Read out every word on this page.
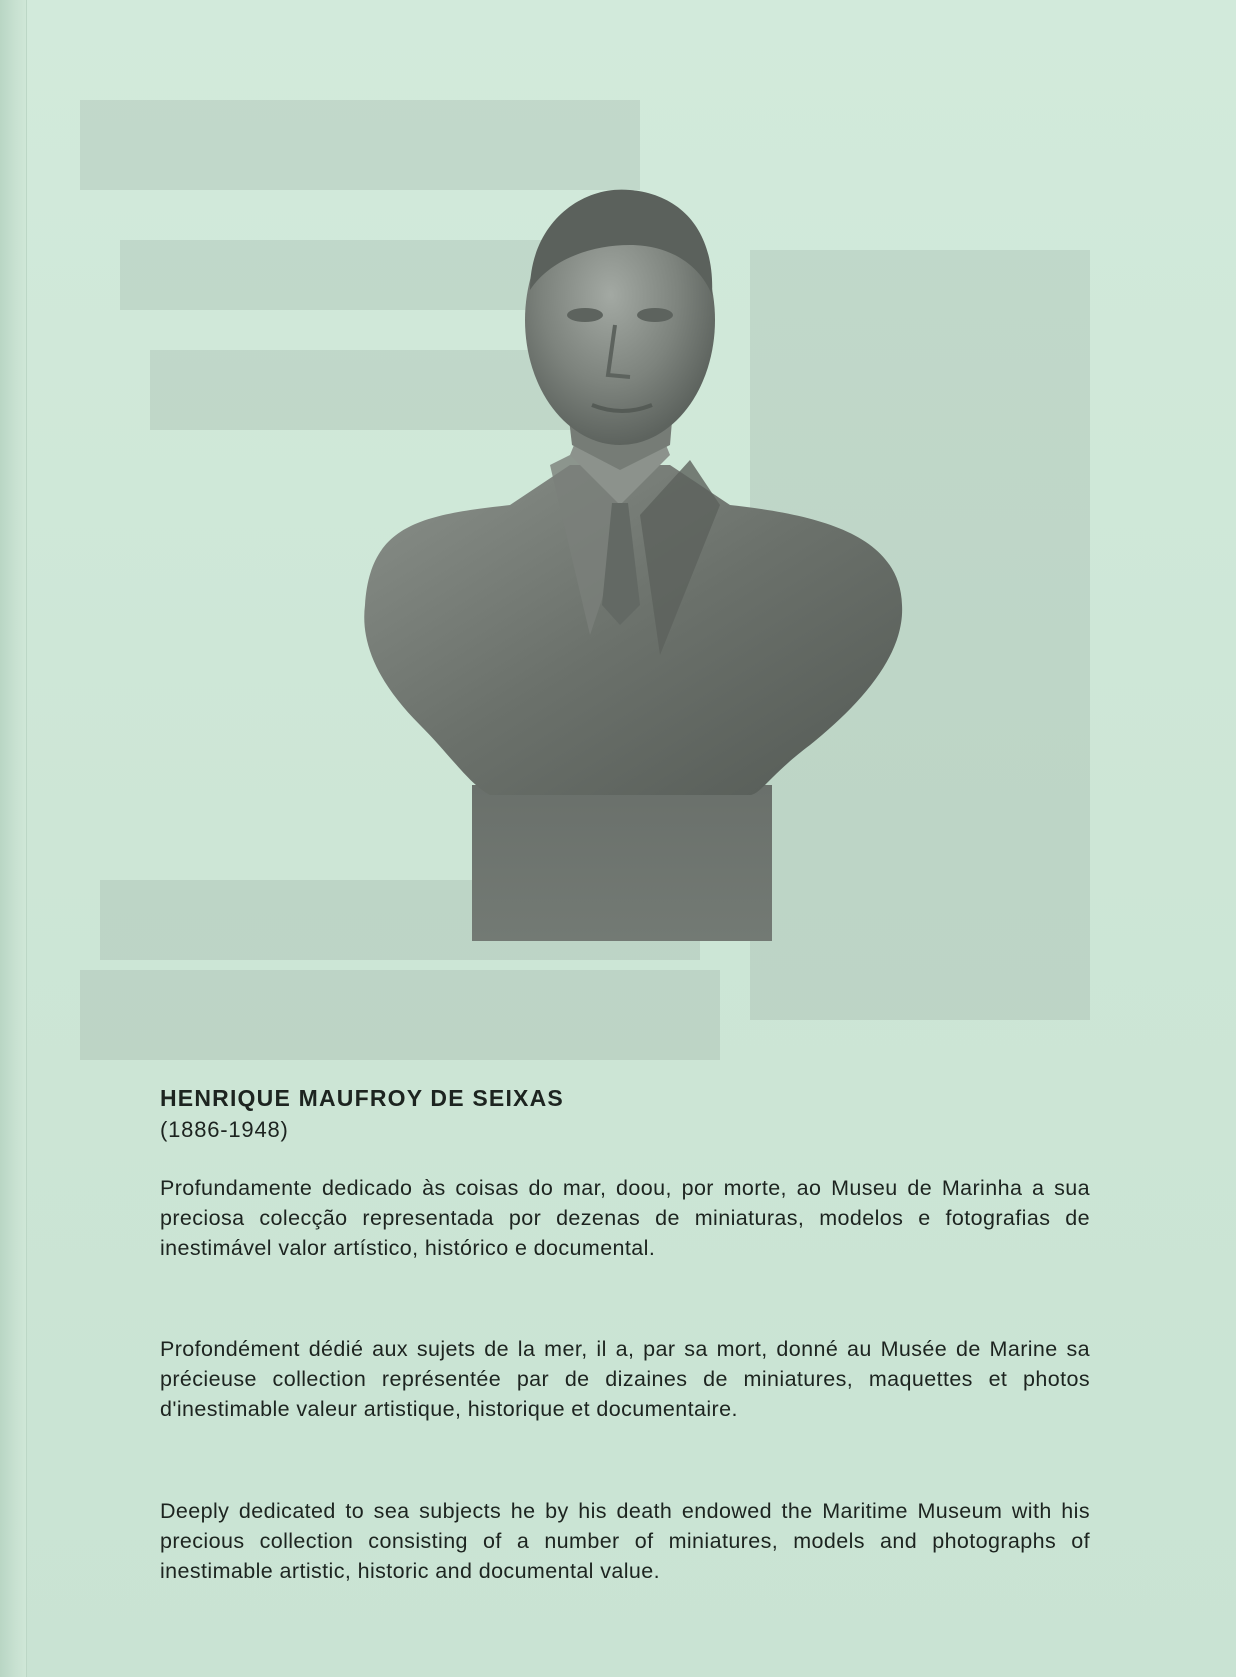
HENRIQUE MAUFROY DE SEIXAS

(1886-1948)

Profundamente dedicado às coisas do mar, doou, por morte, ao Museu de Marinha a sua preciosa colecção representada por dezenas de miniaturas, modelos e fotografias de inestimável valor artístico, histórico e documental.

Profondément dédié aux sujets de la mer, il a, par sa mort, donné au Musée de Marine sa précieuse collection représentée par de dizaines de miniatures, maquettes et photos d'inestimable valeur artistique, historique et documentaire.

Deeply dedicated to sea subjects he by his death endowed the Maritime Museum with his precious collection consisting of a number of miniatures, models and photographs of inestimable artistic, historic and documental value.
